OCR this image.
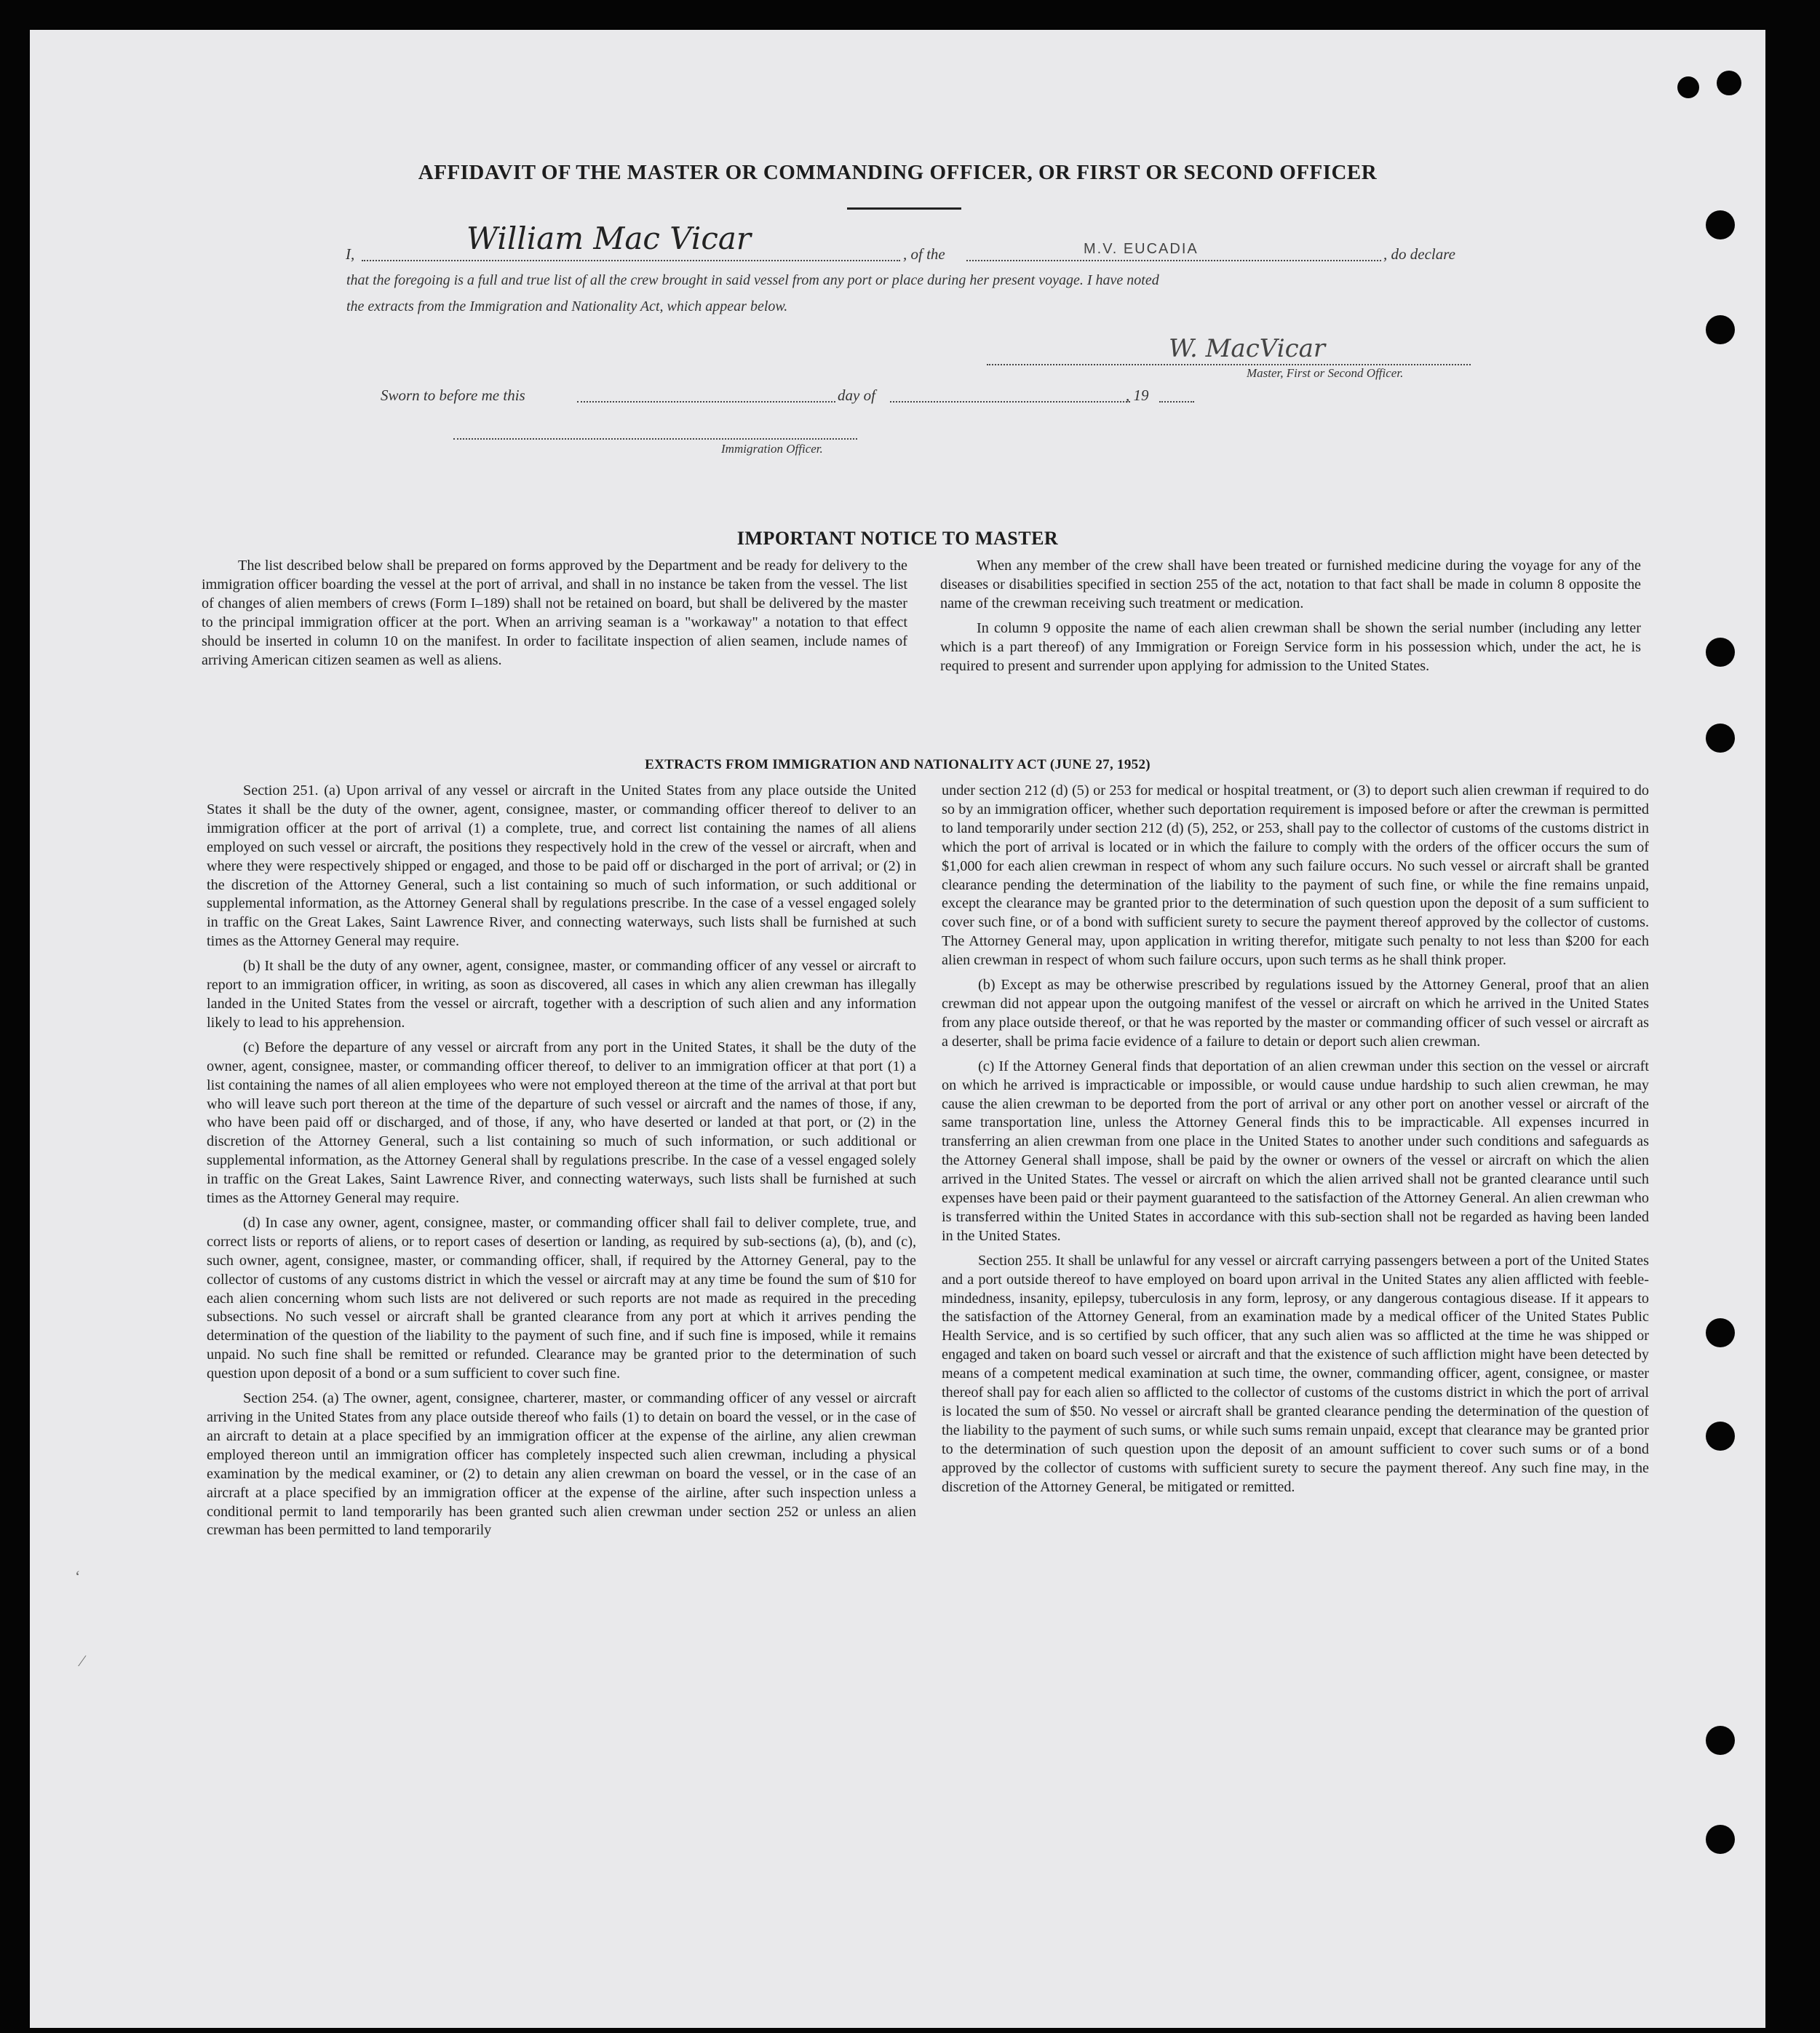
AFFIDAVIT OF THE MASTER OR COMMANDING OFFICER, OR FIRST OR SECOND OFFICER
I,	William Mac Vicar	, of the	M.V. EUCADIA	, do declare
that the foregoing is a full and true list of all the crew brought in said vessel from any port or place during her present voyage. I have noted
the extracts from the Immigration and Nationality Act, which appear below.
W. MacVicar
Master, First or Second Officer.
Sworn to before me this	day of	, 19
Immigration Officer.
IMPORTANT NOTICE TO MASTER

The list described below shall be prepared on forms approved by the Department and be ready for delivery to the immigration officer boarding the vessel at the port of arrival, and shall in no instance be taken from the vessel. The list of changes of alien members of crews (Form I–189) shall not be retained on board, but shall be delivered by the master to the principal immigration officer at the port. When an arriving seaman is a "workaway" a notation to that effect should be inserted in column 10 on the manifest. In order to facilitate inspection of alien seamen, include names of arriving American citizen seamen as well as aliens.

When any member of the crew shall have been treated or furnished medicine during the voyage for any of the diseases or disabilities specified in section 255 of the act, notation to that fact shall be made in column 8 opposite the name of the crewman receiving such treatment or medication.

In column 9 opposite the name of each alien crewman shall be shown the serial number (including any letter which is a part thereof) of any Immigration or Foreign Service form in his possession which, under the act, he is required to present and surrender upon applying for admission to the United States.

EXTRACTS FROM IMMIGRATION AND NATIONALITY ACT (JUNE 27, 1952)

Section 251. (a) Upon arrival of any vessel or aircraft in the United States from any place outside the United States it shall be the duty of the owner, agent, consignee, master, or commanding officer thereof to deliver to an immigration officer at the port of arrival (1) a complete, true, and correct list containing the names of all aliens employed on such vessel or aircraft, the positions they respectively hold in the crew of the vessel or aircraft, when and where they were respectively shipped or engaged, and those to be paid off or discharged in the port of arrival; or (2) in the discretion of the Attorney General, such a list containing so much of such information, or such additional or supplemental information, as the Attorney General shall by regulations prescribe. In the case of a vessel engaged solely in traffic on the Great Lakes, Saint Lawrence River, and connecting waterways, such lists shall be furnished at such times as the Attorney General may require.

(b) It shall be the duty of any owner, agent, consignee, master, or commanding officer of any vessel or aircraft to report to an immigration officer, in writing, as soon as discovered, all cases in which any alien crewman has illegally landed in the United States from the vessel or aircraft, together with a description of such alien and any information likely to lead to his apprehension.

(c) Before the departure of any vessel or aircraft from any port in the United States, it shall be the duty of the owner, agent, consignee, master, or commanding officer thereof, to deliver to an immigration officer at that port (1) a list containing the names of all alien employees who were not employed thereon at the time of the arrival at that port but who will leave such port thereon at the time of the departure of such vessel or aircraft and the names of those, if any, who have been paid off or discharged, and of those, if any, who have deserted or landed at that port, or (2) in the discretion of the Attorney General, such a list containing so much of such information, or such additional or supplemental information, as the Attorney General shall by regulations prescribe. In the case of a vessel engaged solely in traffic on the Great Lakes, Saint Lawrence River, and connecting waterways, such lists shall be furnished at such times as the Attorney General may require.

(d) In case any owner, agent, consignee, master, or commanding officer shall fail to deliver complete, true, and correct lists or reports of aliens, or to report cases of desertion or landing, as required by sub-sections (a), (b), and (c), such owner, agent, consignee, master, or commanding officer, shall, if required by the Attorney General, pay to the collector of customs of any customs district in which the vessel or aircraft may at any time be found the sum of $10 for each alien concerning whom such lists are not delivered or such reports are not made as required in the preceding subsections. No such vessel or aircraft shall be granted clearance from any port at which it arrives pending the determination of the question of the liability to the payment of such fine, and if such fine is imposed, while it remains unpaid. No such fine shall be remitted or refunded. Clearance may be granted prior to the determination of such question upon deposit of a bond or a sum sufficient to cover such fine.

Section 254. (a) The owner, agent, consignee, charterer, master, or commanding officer of any vessel or aircraft arriving in the United States from any place outside thereof who fails (1) to detain on board the vessel, or in the case of an aircraft to detain at a place specified by an immigration officer at the expense of the airline, any alien crewman employed thereon until an immigration officer has completely inspected such alien crewman, including a physical examination by the medical examiner, or (2) to detain any alien crewman on board the vessel, or in the case of an aircraft at a place specified by an immigration officer at the expense of the airline, after such inspection unless a conditional permit to land temporarily has been granted such alien crewman under section 252 or unless an alien crewman has been permitted to land temporarily

under section 212 (d) (5) or 253 for medical or hospital treatment, or (3) to deport such alien crewman if required to do so by an immigration officer, whether such deportation requirement is imposed before or after the crewman is permitted to land temporarily under section 212 (d) (5), 252, or 253, shall pay to the collector of customs of the customs district in which the port of arrival is located or in which the failure to comply with the orders of the officer occurs the sum of $1,000 for each alien crewman in respect of whom any such failure occurs. No such vessel or aircraft shall be granted clearance pending the determination of the liability to the payment of such fine, or while the fine remains unpaid, except the clearance may be granted prior to the determination of such question upon the deposit of a sum sufficient to cover such fine, or of a bond with sufficient surety to secure the payment thereof approved by the collector of customs. The Attorney General may, upon application in writing therefor, mitigate such penalty to not less than $200 for each alien crewman in respect of whom such failure occurs, upon such terms as he shall think proper.

(b) Except as may be otherwise prescribed by regulations issued by the Attorney General, proof that an alien crewman did not appear upon the outgoing manifest of the vessel or aircraft on which he arrived in the United States from any place outside thereof, or that he was reported by the master or commanding officer of such vessel or aircraft as a deserter, shall be prima facie evidence of a failure to detain or deport such alien crewman.

(c) If the Attorney General finds that deportation of an alien crewman under this section on the vessel or aircraft on which he arrived is impracticable or impossible, or would cause undue hardship to such alien crewman, he may cause the alien crewman to be deported from the port of arrival or any other port on another vessel or aircraft of the same transportation line, unless the Attorney General finds this to be impracticable. All expenses incurred in transferring an alien crewman from one place in the United States to another under such conditions and safeguards as the Attorney General shall impose, shall be paid by the owner or owners of the vessel or aircraft on which the alien arrived in the United States. The vessel or aircraft on which the alien arrived shall not be granted clearance until such expenses have been paid or their payment guaranteed to the satisfaction of the Attorney General. An alien crewman who is transferred within the United States in accordance with this sub-section shall not be regarded as having been landed in the United States.

Section 255. It shall be unlawful for any vessel or aircraft carrying passengers between a port of the United States and a port outside thereof to have employed on board upon arrival in the United States any alien afflicted with feeble-mindedness, insanity, epilepsy, tuberculosis in any form, leprosy, or any dangerous contagious disease. If it appears to the satisfaction of the Attorney General, from an examination made by a medical officer of the United States Public Health Service, and is so certified by such officer, that any such alien was so afflicted at the time he was shipped or engaged and taken on board such vessel or aircraft and that the existence of such affliction might have been detected by means of a competent medical examination at such time, the owner, commanding officer, agent, consignee, or master thereof shall pay for each alien so afflicted to the collector of customs of the customs district in which the port of arrival is located the sum of $50. No vessel or aircraft shall be granted clearance pending the determination of the question of the liability to the payment of such sums, or while such sums remain unpaid, except that clearance may be granted prior to the determination of such question upon the deposit of an amount sufficient to cover such sums or of a bond approved by the collector of customs with sufficient surety to secure the payment thereof. Any such fine may, in the discretion of the Attorney General, be mitigated or remitted.

‘
⁄
